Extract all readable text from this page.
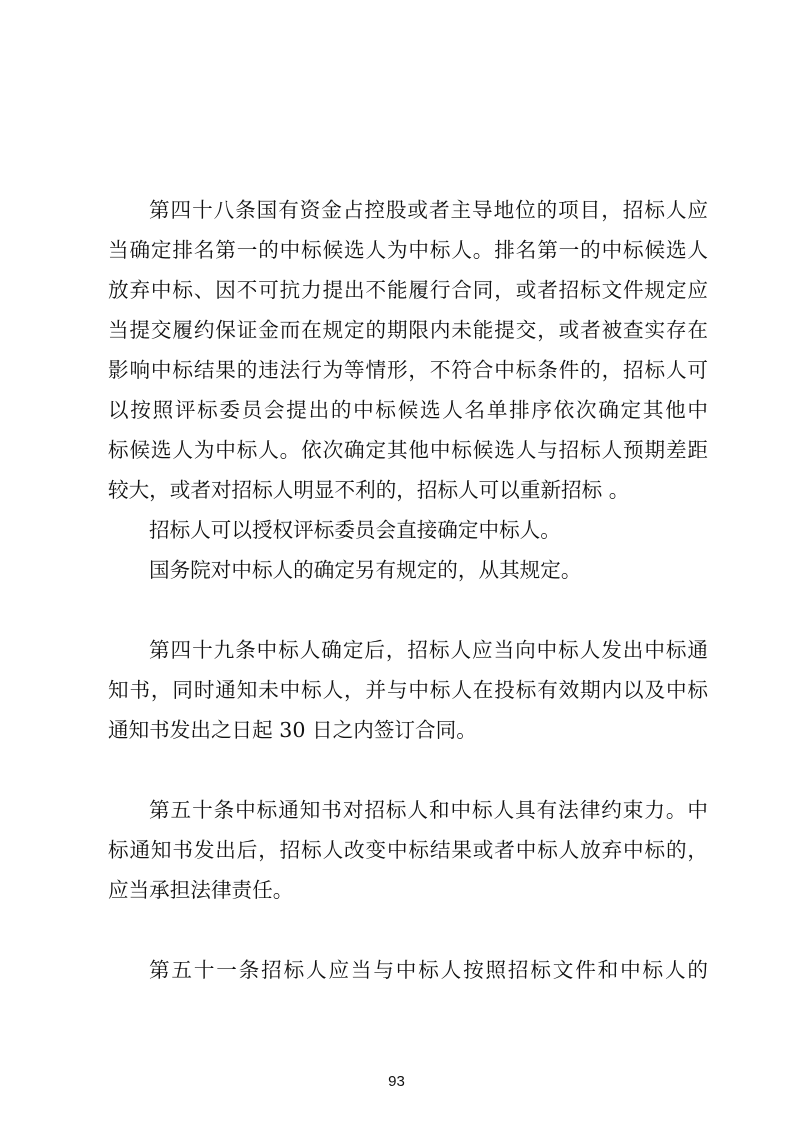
第四十八条国有资金占控股或者主导地位的项目，招标人应
当确定排名第一的中标候选人为中标人。排名第一的中标候选人
放弃中标、因不可抗力提出不能履行合同，或者招标文件规定应
当提交履约保证金而在规定的期限内未能提交，或者被查实存在
影响中标结果的违法行为等情形，不符合中标条件的，招标人可
以按照评标委员会提出的中标候选人名单排序依次确定其他中
标候选人为中标人。依次确定其他中标候选人与招标人预期差距
较大，或者对招标人明显不利的，招标人可以重新招标 。
招标人可以授权评标委员会直接确定中标人。
国务院对中标人的确定另有规定的，从其规定。
第四十九条中标人确定后，招标人应当向中标人发出中标通
知书，同时通知未中标人，并与中标人在投标有效期内以及中标
通知书发出之日起 30 日之内签订合同。
第五十条中标通知书对招标人和中标人具有法律约束力。中
标通知书发出后，招标人改变中标结果或者中标人放弃中标的，
应当承担法律责任。
第五十一条招标人应当与中标人按照招标文件和中标人的
93
